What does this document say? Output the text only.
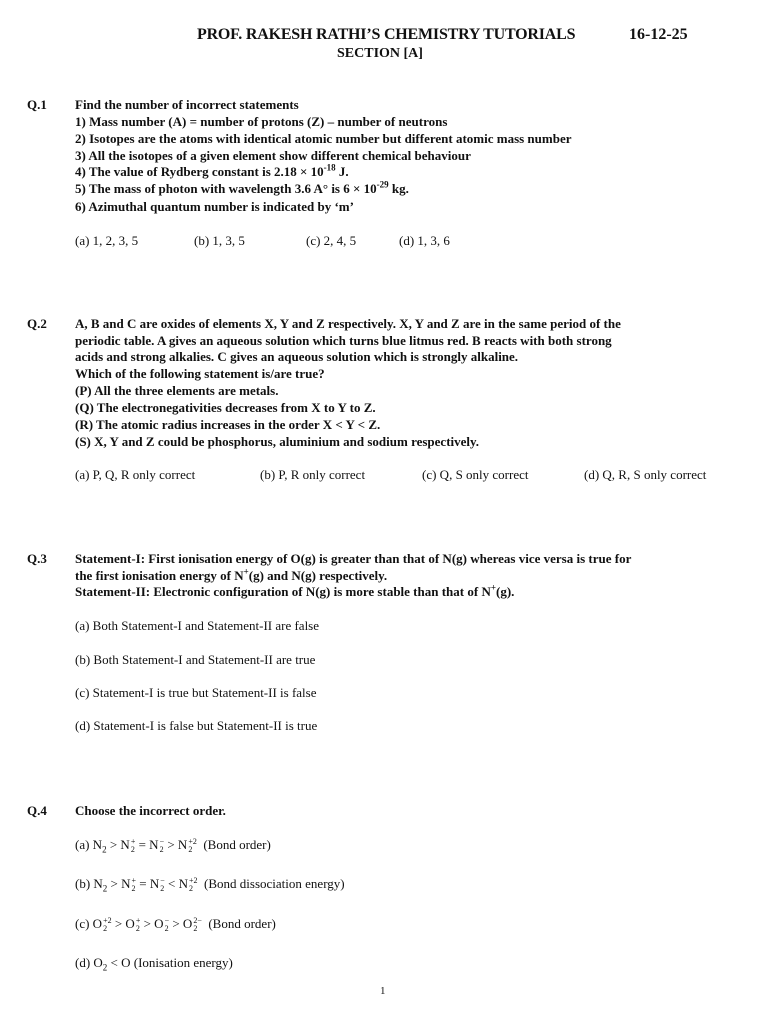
PROF. RAKESH RATHI’S CHEMISTRY TUTORIALS	16-12-25
SECTION [A]
Q.1 Find the number of incorrect statements
1) Mass number (A) = number of protons (Z) – number of neutrons
2) Isotopes are the atoms with identical atomic number but different atomic mass number
3) All the isotopes of a given element show different chemical behaviour
4) The value of Rydberg constant is $2.18 \times 10^{-18}$ J.
5) The mass of photon with wavelength 3.6 A° is $6 \times 10^{-29}$ kg.
6) Azimuthal quantum number is indicated by ‘m’
(a) 1, 2, 3, 5	(b) 1, 3, 5	(c) 2, 4, 5	(d) 1, 3, 6
Q.2 A, B and C are oxides of elements X, Y and Z respectively. X, Y and Z are in the same period of the
periodic table. A gives an aqueous solution which turns blue litmus red. B reacts with both strong
acids and strong alkalies. C gives an aqueous solution which is strongly alkaline.
Which of the following statement is/are true?
(P) All the three elements are metals.
(Q) The electronegativities decreases from X to Y to Z.
(R) The atomic radius increases in the order X < Y < Z.
(S) X, Y and Z could be phosphorus, aluminium and sodium respectively.
(a) P, Q, R only correct	(b) P, R only correct	(c) Q, S only correct	(d) Q, R, S only correct
Q.3 Statement-I: First ionisation energy of O(g) is greater than that of N(g) whereas vice versa is true for
the first ionisation energy of N+(g) and N(g) respectively.
Statement-II: Electronic configuration of N(g) is more stable than that of N+(g).
(a) Both Statement-I and Statement-II are false
(b) Both Statement-I and Statement-II are true
(c) Statement-I is true but Statement-II is false
(d) Statement-I is false but Statement-II is true
Q.4 Choose the incorrect order.
(a) $N_2 > N$ +
2 = N −
2 > N +2
2 (Bond order)
(b) $N_2 > N$ +
2 = N −
2 < N +2
2 (Bond dissociation energy)
(c) O +2
2 > O +
2 > O −
2 > O 2−
2 (Bond order)
(d) $O_2 < O$ (Ionisation energy)
1
